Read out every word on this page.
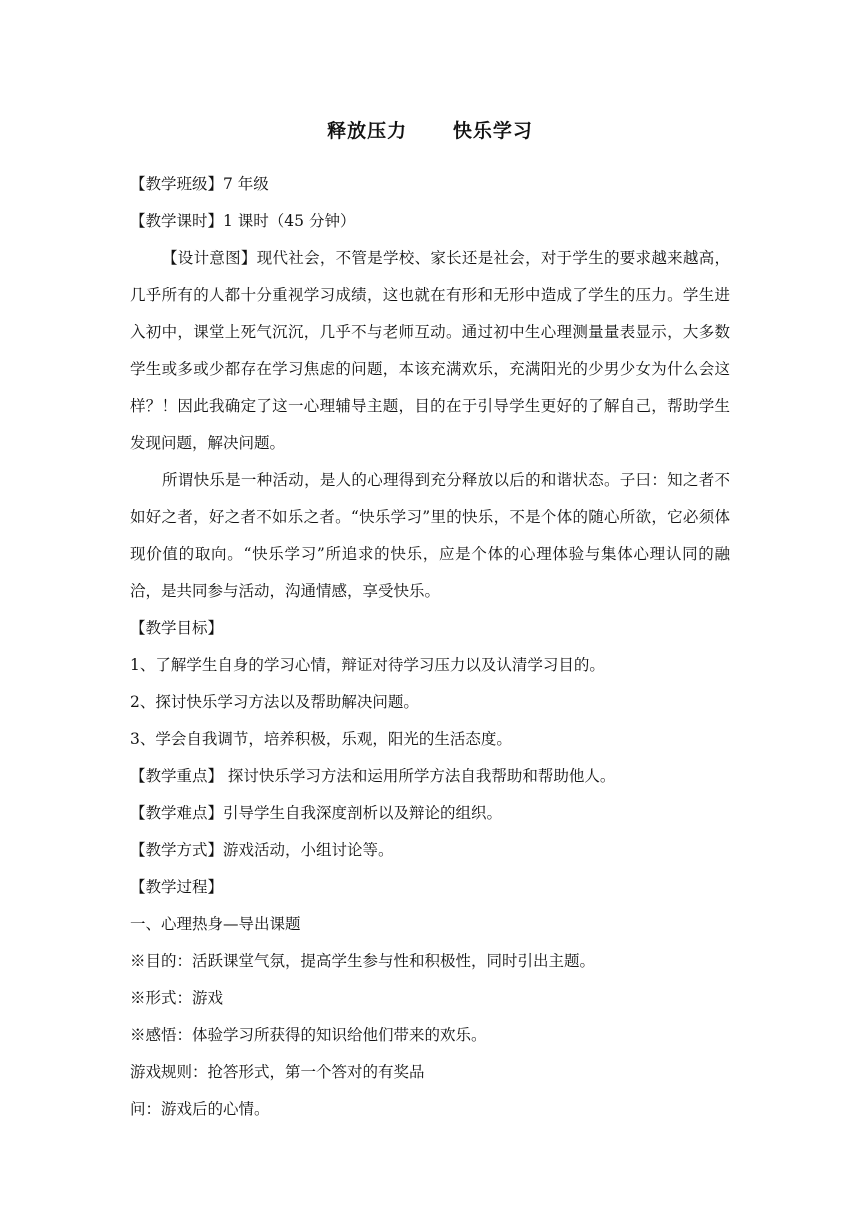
释放压力      快乐学习

【教学班级】7 年级

【教学课时】1 课时（45 分钟）

【设计意图】现代社会，不管是学校、家长还是社会，对于学生的要求越来越高，几乎所有的人都十分重视学习成绩，这也就在有形和无形中造成了学生的压力。学生进入初中，课堂上死气沉沉，几乎不与老师互动。通过初中生心理测量量表显示，大多数学生或多或少都存在学习焦虑的问题，本该充满欢乐，充满阳光的少男少女为什么会这样？！因此我确定了这一心理辅导主题，目的在于引导学生更好的了解自己，帮助学生发现问题，解决问题。

所谓快乐是一种活动，是人的心理得到充分释放以后的和谐状态。子曰：知之者不如好之者，好之者不如乐之者。“快乐学习”里的快乐，不是个体的随心所欲，它必须体现价值的取向。“快乐学习”所追求的快乐，应是个体的心理体验与集体心理认同的融洽，是共同参与活动，沟通情感，享受快乐。

【教学目标】

1、了解学生自身的学习心情，辩证对待学习压力以及认清学习目的。

2、探讨快乐学习方法以及帮助解决问题。

3、学会自我调节，培养积极，乐观，阳光的生活态度。

【教学重点】 探讨快乐学习方法和运用所学方法自我帮助和帮助他人。

【教学难点】引导学生自我深度剖析以及辩论的组织。

【教学方式】游戏活动，小组讨论等。

【教学过程】

一、心理热身—导出课题

※目的：活跃课堂气氛，提高学生参与性和积极性，同时引出主题。

※形式：游戏

※感悟：体验学习所获得的知识给他们带来的欢乐。

游戏规则：抢答形式，第一个答对的有奖品

问：游戏后的心情。
